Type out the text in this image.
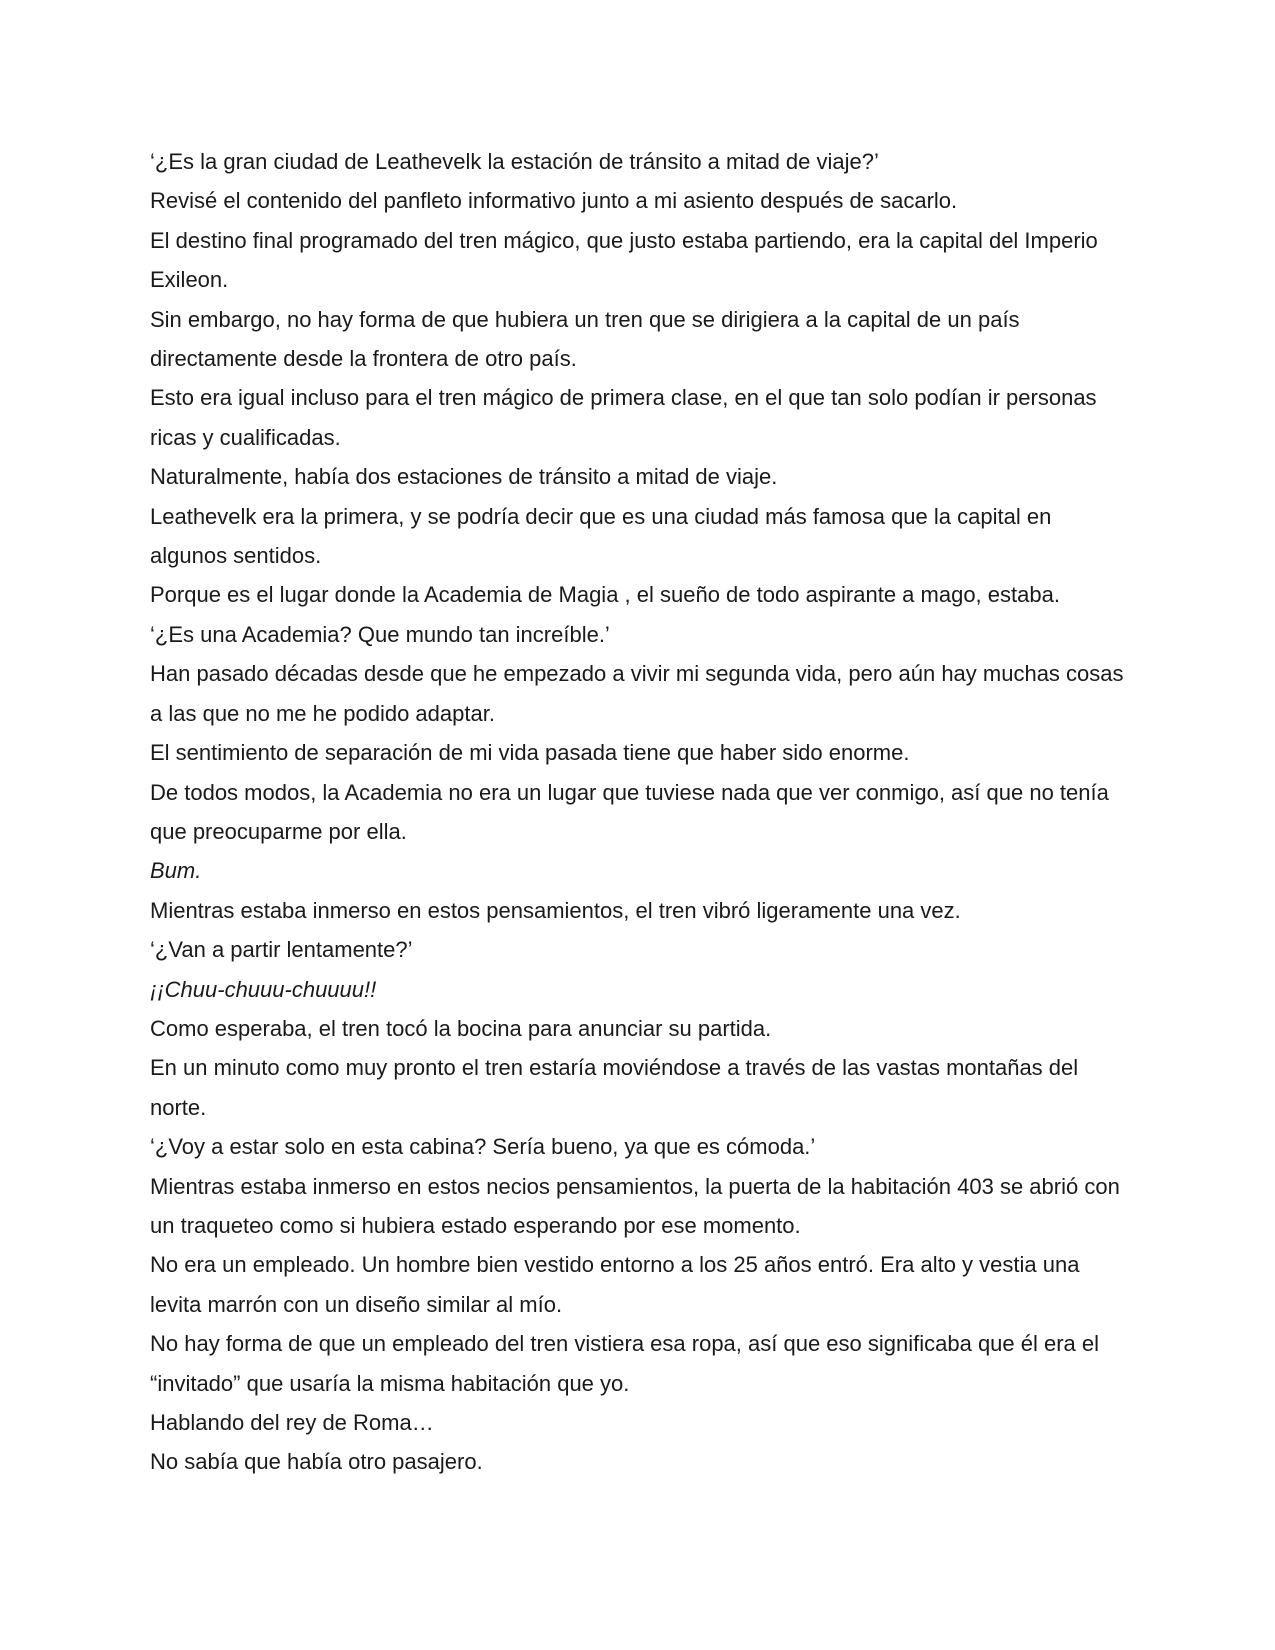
‘¿Es la gran ciudad de Leathevelk la estación de tránsito a mitad de viaje?’

Revisé el contenido del panfleto informativo junto a mi asiento después de sacarlo.

El destino final programado del tren mágico, que justo estaba partiendo, era la capital del Imperio Exileon.

Sin embargo, no hay forma de que hubiera un tren que se dirigiera a la capital de un país directamente desde la frontera de otro país.

Esto era igual incluso para el tren mágico de primera clase, en el que tan solo podían ir personas ricas y cualificadas.

Naturalmente, había dos estaciones de tránsito a mitad de viaje.

Leathevelk era la primera, y se podría decir que es una ciudad más famosa que la capital en algunos sentidos.

Porque es el lugar donde la Academia de Magia , el sueño de todo aspirante a mago, estaba.

‘¿Es una Academia? Que mundo tan increíble.’

Han pasado décadas desde que he empezado a vivir mi segunda vida, pero aún hay muchas cosas a las que no me he podido adaptar.

El sentimiento de separación de mi vida pasada tiene que haber sido enorme.

De todos modos, la Academia no era un lugar que tuviese nada que ver conmigo, así que no tenía que preocuparme por ella.

Bum.

Mientras estaba inmerso en estos pensamientos, el tren vibró ligeramente una vez.

‘¿Van a partir lentamente?’

¡¡Chuu-chuuu-chuuuu!!

Como esperaba, el tren tocó la bocina para anunciar su partida.

En un minuto como muy pronto el tren estaría moviéndose a través de las vastas montañas del norte.

‘¿Voy a estar solo en esta cabina? Sería bueno, ya que es cómoda.’

Mientras estaba inmerso en estos necios pensamientos, la puerta de la habitación 403 se abrió con un traqueteo como si hubiera estado esperando por ese momento.

No era un empleado. Un hombre bien vestido entorno a los 25 años entró. Era alto y vestia una levita marrón con un diseño similar al mío.

No hay forma de que un empleado del tren vistiera esa ropa, así que eso significaba que él era el “invitado” que usaría la misma habitación que yo.

Hablando del rey de Roma…

No sabía que había otro pasajero.
